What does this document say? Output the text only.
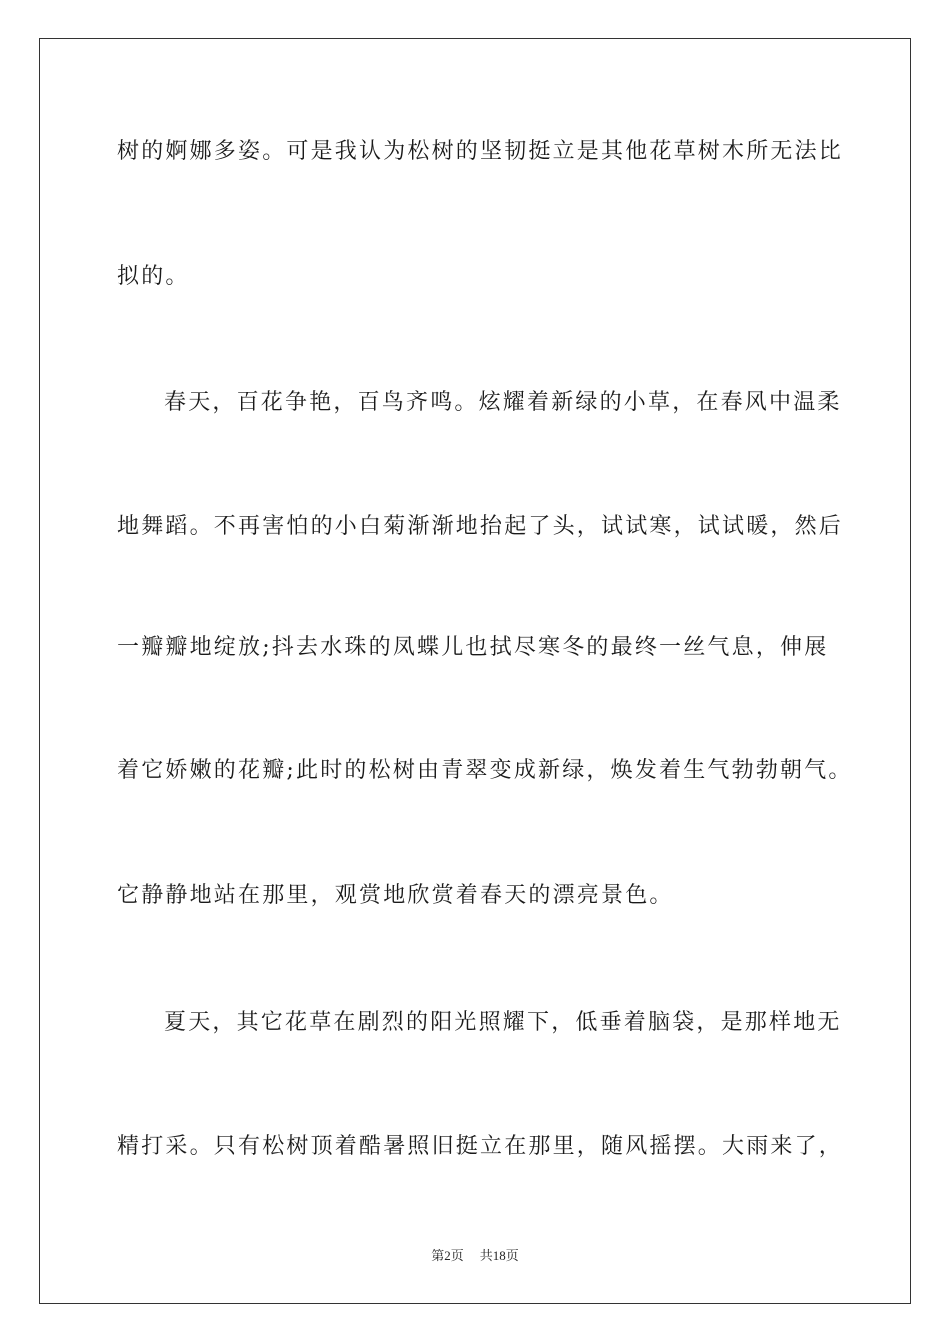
树的婀娜多姿。可是我认为松树的坚韧挺立是其他花草树木所无法比
拟的。
春天，百花争艳，百鸟齐鸣。炫耀着新绿的小草，在春风中温柔
地舞蹈。不再害怕的小白菊渐渐地抬起了头，试试寒，试试暖，然后
一瓣瓣地绽放;抖去水珠的凤蝶儿也拭尽寒冬的最终一丝气息，伸展
着它娇嫩的花瓣;此时的松树由青翠变成新绿，焕发着生气勃勃朝气。
它静静地站在那里，观赏地欣赏着春天的漂亮景色。
夏天，其它花草在剧烈的阳光照耀下，低垂着脑袋，是那样地无
精打采。只有松树顶着酷暑照旧挺立在那里，随风摇摆。大雨来了，
第2页 共18页
